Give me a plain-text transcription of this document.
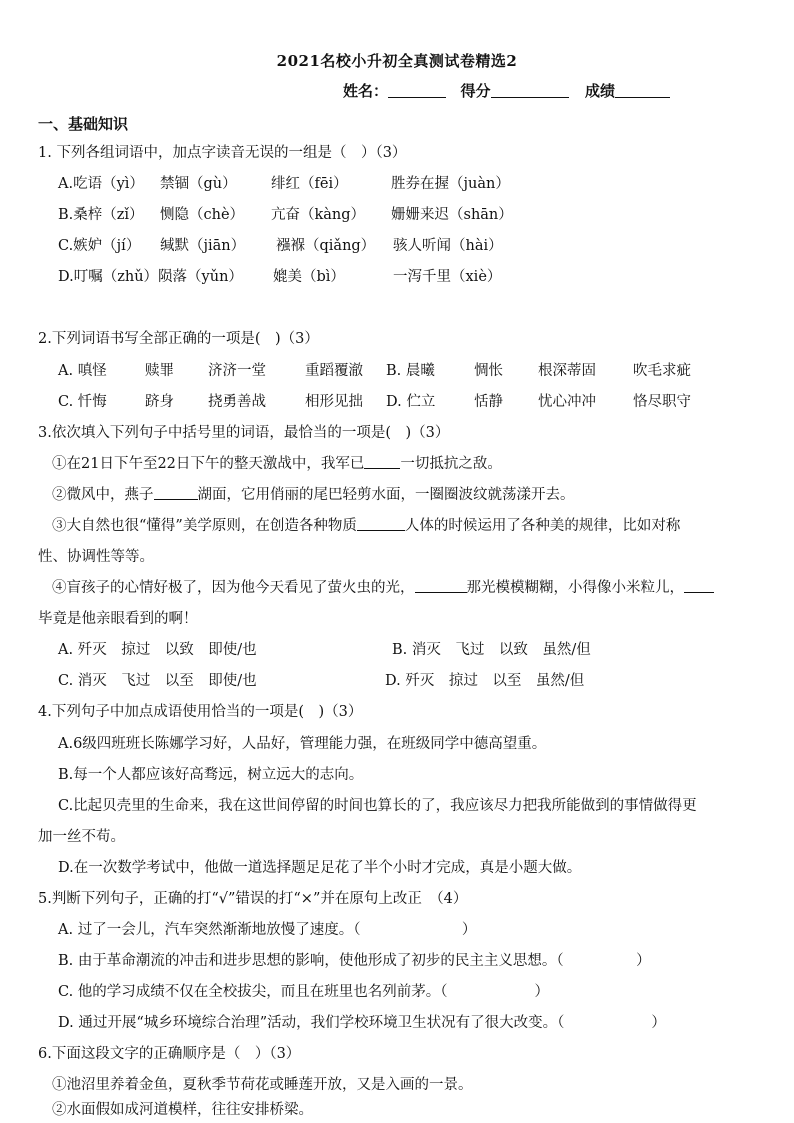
2021名校小升初全真测试卷精选2
姓名：	得分	成绩
一、基础知识
1. 下列各组词语中，加点字读音无误的一组是（　）（3）
A.吃语（yì） 禁锢（gù） 绯红（fēi）	胜券在握（juàn）
B.桑梓（zǐ） 恻隐（chè） 亢奋（kàng） 姗姗来迟（shān）
C.嫉妒（jí） 缄默（jiān） 襁褓（qiǎng） 骇人听闻（hài）
D.叮嘱（zhǔ）陨落（yǔn） 媲美（bì）	一泻千里（xiè）
2.下列词语书写全部正确的一项是(　)（3）
A. 嗔怪	赎罪 济济一堂	重蹈覆澈 B. 晨曦	惆怅 根深蒂固	吹毛求疵
C. 忏悔	跻身 挠勇善战	相形见拙 D. 伫立	恬静 忧心冲冲	恪尽职守
3.依次填入下列句子中括号里的词语，最恰当的一项是(　)（3）
①在21日下午至22日下午的整天激战中，我军已 一切抵抗之敌。
②微风中，燕子	湖面，它用俏丽的尾巴轻剪水面，一圈圈波纹就荡漾开去。
③大自然也很“懂得”美学原则，在创造各种物质	人体的时候运用了各种美的规律，比如对称
性、协调性等等。
④盲孩子的心情好极了，因为他今天看见了萤火虫的光，	那光模模糊糊，小得像小米粒儿，
毕竟是他亲眼看到的啊！
A. 歼灭　掠过　以致　即使/也	B. 消灭　飞过　以致　虽然/但
C. 消灭　飞过　以至　即使/也	D. 歼灭　掠过　以至　虽然/但
4.下列句子中加点成语使用恰当的一项是(　)（3）
A.6级四班班长陈娜学习好，人品好，管理能力强，在班级同学中德高望重。
B.每一个人都应该好高骛远，树立远大的志向。
C.比起贝壳里的生命来，我在这世间停留的时间也算长的了，我应该尽力把我所能做到的事情做得更
加一丝不苟。
D.在一次数学考试中，他做一道选择题足足花了半个小时才完成，真是小题大做。
5.判断下列句子，正确的打“√”错误的打“×”并在原句上改正　（4）
A. 过了一会儿，汽车突然渐渐地放慢了速度。（　　　　　　　）
B. 由于革命潮流的冲击和进步思想的影响，使他形成了初步的民主主义思想。（　　　　　）
C. 他的学习成绩不仅在全校拔尖，而且在班里也名列前茅。（　　　　　　）
D. 通过开展“城乡环境综合治理”活动，我们学校环境卫生状况有了很大改变。（　　　　　　）
6.下面这段文字的正确顺序是（　）（3）
①池沼里养着金鱼，夏秋季节荷花或睡莲开放，又是入画的一景。
②水面假如成河道模样，往往安排桥梁。
